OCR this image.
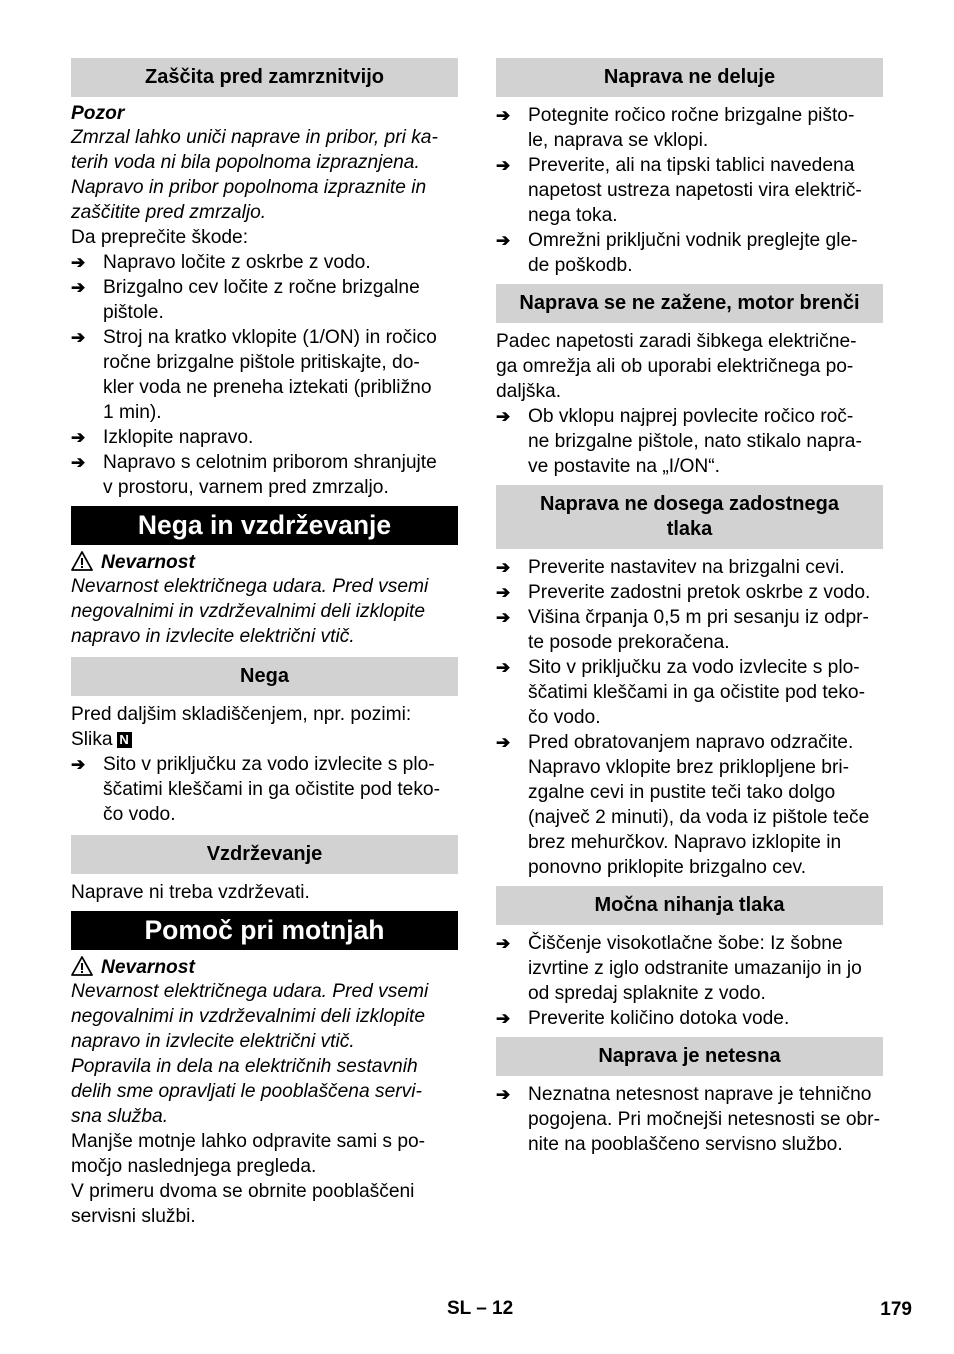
Zaščita pred zamrznitvijo
Pozor
Zmrzal lahko uniči naprave in pribor, pri ka-
terih voda ni bila popolnoma izpraznjena.
Napravo in pribor popolnoma izpraznite in
zaščitite pred zmrzaljo.
Da preprečite škode:
➔ Napravo ločite z oskrbe z vodo.
➔ Brizgalno cev ločite z ročne brizgalne
pištole.
➔ Stroj na kratko vklopite (1/ON) in ročico
ročne brizgalne pištole pritiskajte, do-
kler voda ne preneha iztekati (približno
1 min).
➔ Izklopite napravo.
➔ Napravo s celotnim priborom shranjujte
v prostoru, varnem pred zmrzaljo.
Nega in vzdrževanje
Nevarnost
Nevarnost električnega udara. Pred vsemi
negovalnimi in vzdrževalnimi deli izklopite
napravo in izvlecite električni vtič.
Nega
Pred daljšim skladiščenjem, npr. pozimi:
Slika N
➔ Sito v priključku za vodo izvlecite s plo-
ščatimi kleščami in ga očistite pod teko-
čo vodo.
Vzdrževanje
Naprave ni treba vzdrževati.
Pomoč pri motnjah
Nevarnost
Nevarnost električnega udara. Pred vsemi
negovalnimi in vzdrževalnimi deli izklopite
napravo in izvlecite električni vtič.
Popravila in dela na električnih sestavnih
delih sme opravljati le pooblaščena servi-
sna služba.
Manjše motnje lahko odpravite sami s po-
močjo naslednjega pregleda.
V primeru dvoma se obrnite pooblaščeni
servisni službi.
Naprava ne deluje
➔ Potegnite ročico ročne brizgalne pišto-
le, naprava se vklopi.
➔ Preverite, ali na tipski tablici navedena
napetost ustreza napetosti vira električ-
nega toka.
➔ Omrežni priključni vodnik preglejte gle-
de poškodb.
Naprava se ne zažene, motor brenči
Padec napetosti zaradi šibkega električne-
ga omrežja ali ob uporabi električnega po-
daljška.
➔ Ob vklopu najprej povlecite ročico roč-
ne brizgalne pištole, nato stikalo napra-
ve postavite na „I/ON“.
Naprava ne dosega zadostnega
tlaka
➔ Preverite nastavitev na brizgalni cevi.
➔ Preverite zadostni pretok oskrbe z vodo.
➔ Višina črpanja 0,5 m pri sesanju iz odpr-
te posode prekoračena.
➔ Sito v priključku za vodo izvlecite s plo-
ščatimi kleščami in ga očistite pod teko-
čo vodo.
➔ Pred obratovanjem napravo odzračite.
Napravo vklopite brez priklopljene bri-
zgalne cevi in pustite teči tako dolgo
(največ 2 minuti), da voda iz pištole teče
brez mehurčkov. Napravo izklopite in
ponovno priklopite brizgalno cev.
Močna nihanja tlaka
➔ Čiščenje visokotlačne šobe: Iz šobne
izvrtine z iglo odstranite umazanijo in jo
od spredaj splaknite z vodo.
➔ Preverite količino dotoka vode.
Naprava je netesna
➔ Neznatna netesnost naprave je tehnično
pogojena. Pri močnejši netesnosti se obr-
nite na pooblaščeno servisno službo.
SL – 12	179
